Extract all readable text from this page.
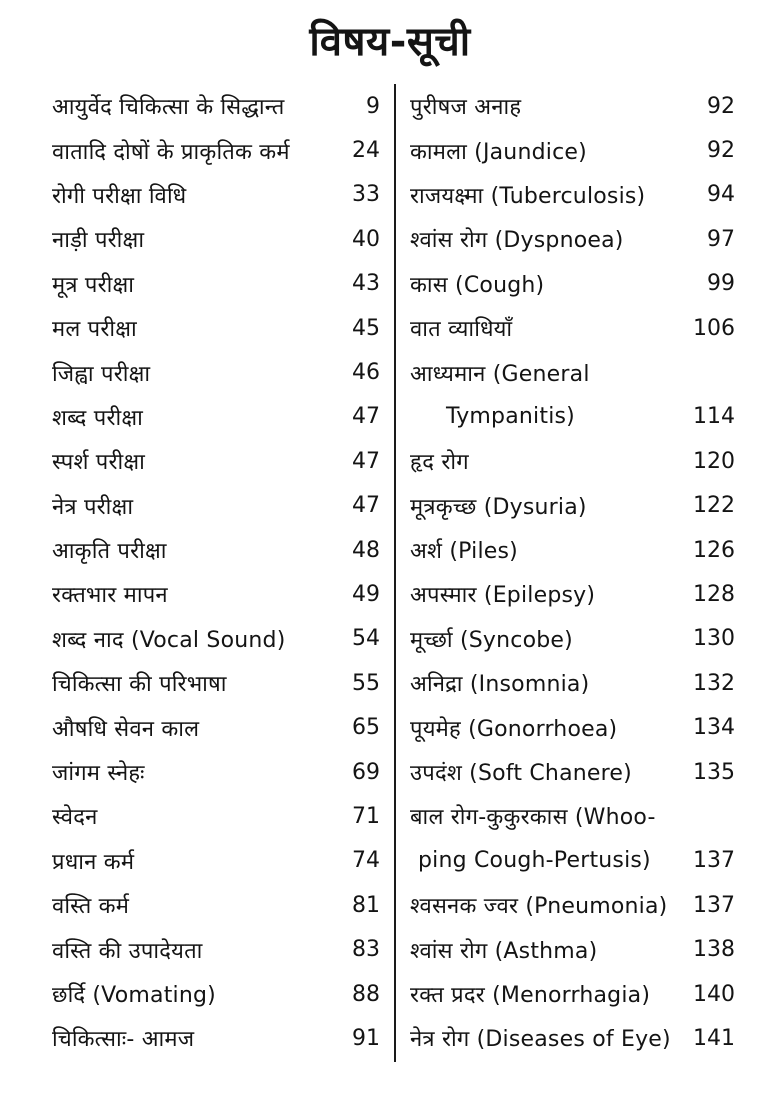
विषय-सूची
आयुर्वेद चिकित्सा के सिद्धान्त	9
वातादि दोषों के प्राकृतिक कर्म	24
रोगी परीक्षा विधि	33
नाड़ी परीक्षा	40
मूत्र परीक्षा	43
मल परीक्षा	45
जिह्वा परीक्षा	46
शब्द परीक्षा	47
स्पर्श परीक्षा	47
नेत्र परीक्षा	47
आकृति परीक्षा	48
रक्तभार मापन	49
शब्द नाद (Vocal Sound)	54
चिकित्सा की परिभाषा	55
औषधि सेवन काल	65
जांगम स्नेहः	69
स्वेदन	71
प्रधान कर्म	74
वस्ति कर्म	81
वस्ति की उपादेयता	83
छर्दि (Vomating)	88
चिकित्साः- आमज	91
पुरीषज अनाह	92
कामला (Jaundice)	92
राजयक्ष्मा (Tuberculosis)	94
श्वांस रोग (Dyspnoea)	97
कास (Cough)	99
वात व्याधियाँ	106
आध्यमान (General
Tympanitis)	114
हृद रोग	120
मूत्रकृच्छ (Dysuria)	122
अर्श (Piles)	126
अपस्मार (Epilepsy)	128
मूर्च्छा (Syncobe)	130
अनिद्रा (Insomnia)	132
पूयमेह (Gonorrhoea)	134
उपदंश (Soft Chanere)	135
बाल रोग-कुकुरकास (Whoo-
ping Cough-Pertusis)	137
श्वसनक ज्वर (Pneumonia)	137
श्वांस रोग (Asthma)	138
रक्त प्रदर (Menorrhagia)	140
नेत्र रोग (Diseases of Eye)	141
